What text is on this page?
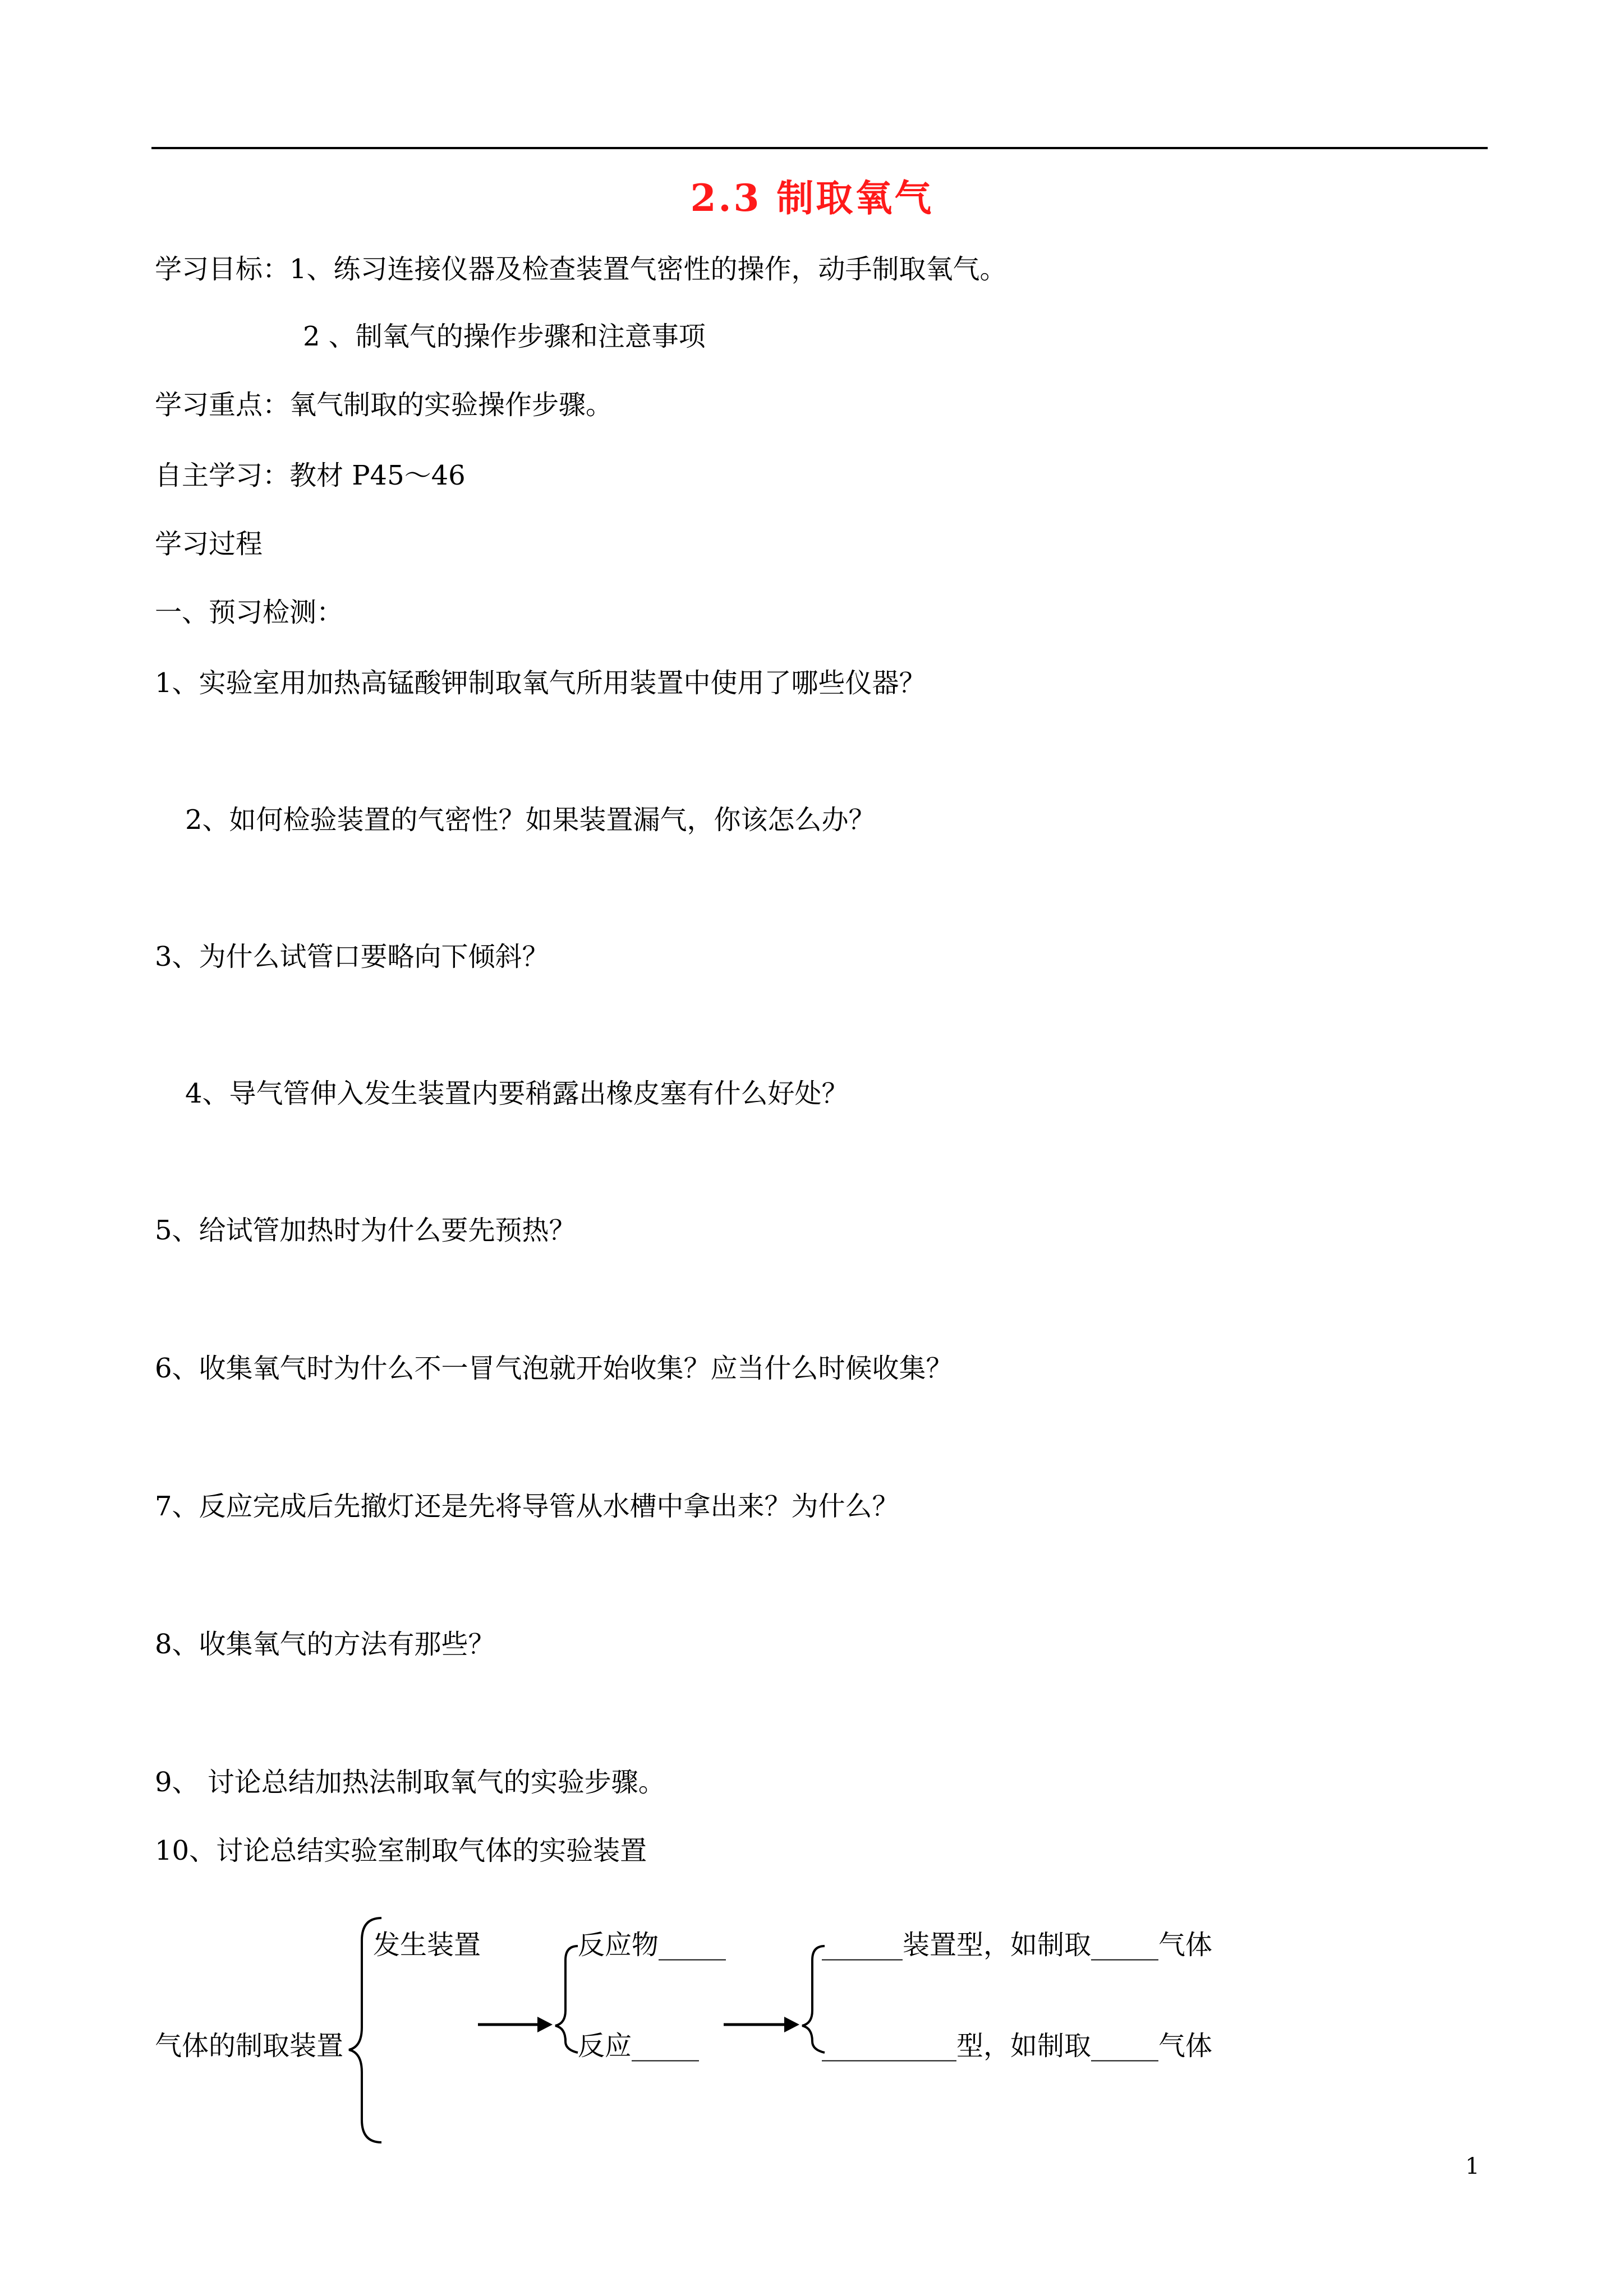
2.3 制取氧气
学习目标：1、练习连接仪器及检查装置气密性的操作，动手制取氧气。
2 、制氧气的操作步骤和注意事项
学习重点：氧气制取的实验操作步骤。
自主学习：教材 P45～46
学习过程
一、预习检测：
1、实验室用加热高锰酸钾制取氧气所用装置中使用了哪些仪器？
2、如何检验装置的气密性？如果装置漏气，你该怎么办？
3、为什么试管口要略向下倾斜？
4、导气管伸入发生装置内要稍露出橡皮塞有什么好处？
5、给试管加热时为什么要先预热？
6、收集氧气时为什么不一冒气泡就开始收集？应当什么时候收集？
7、反应完成后先撤灯还是先将导管从水槽中拿出来？为什么？
8、收集氧气的方法有那些？
9、 讨论总结加热法制取氧气的实验步骤。
10、讨论总结实验室制取气体的实验装置
气体的制取装置
发生装置	反应物_____
反应_____
______装置型，如制取_____气体
__________型，如制取_____气体
1
